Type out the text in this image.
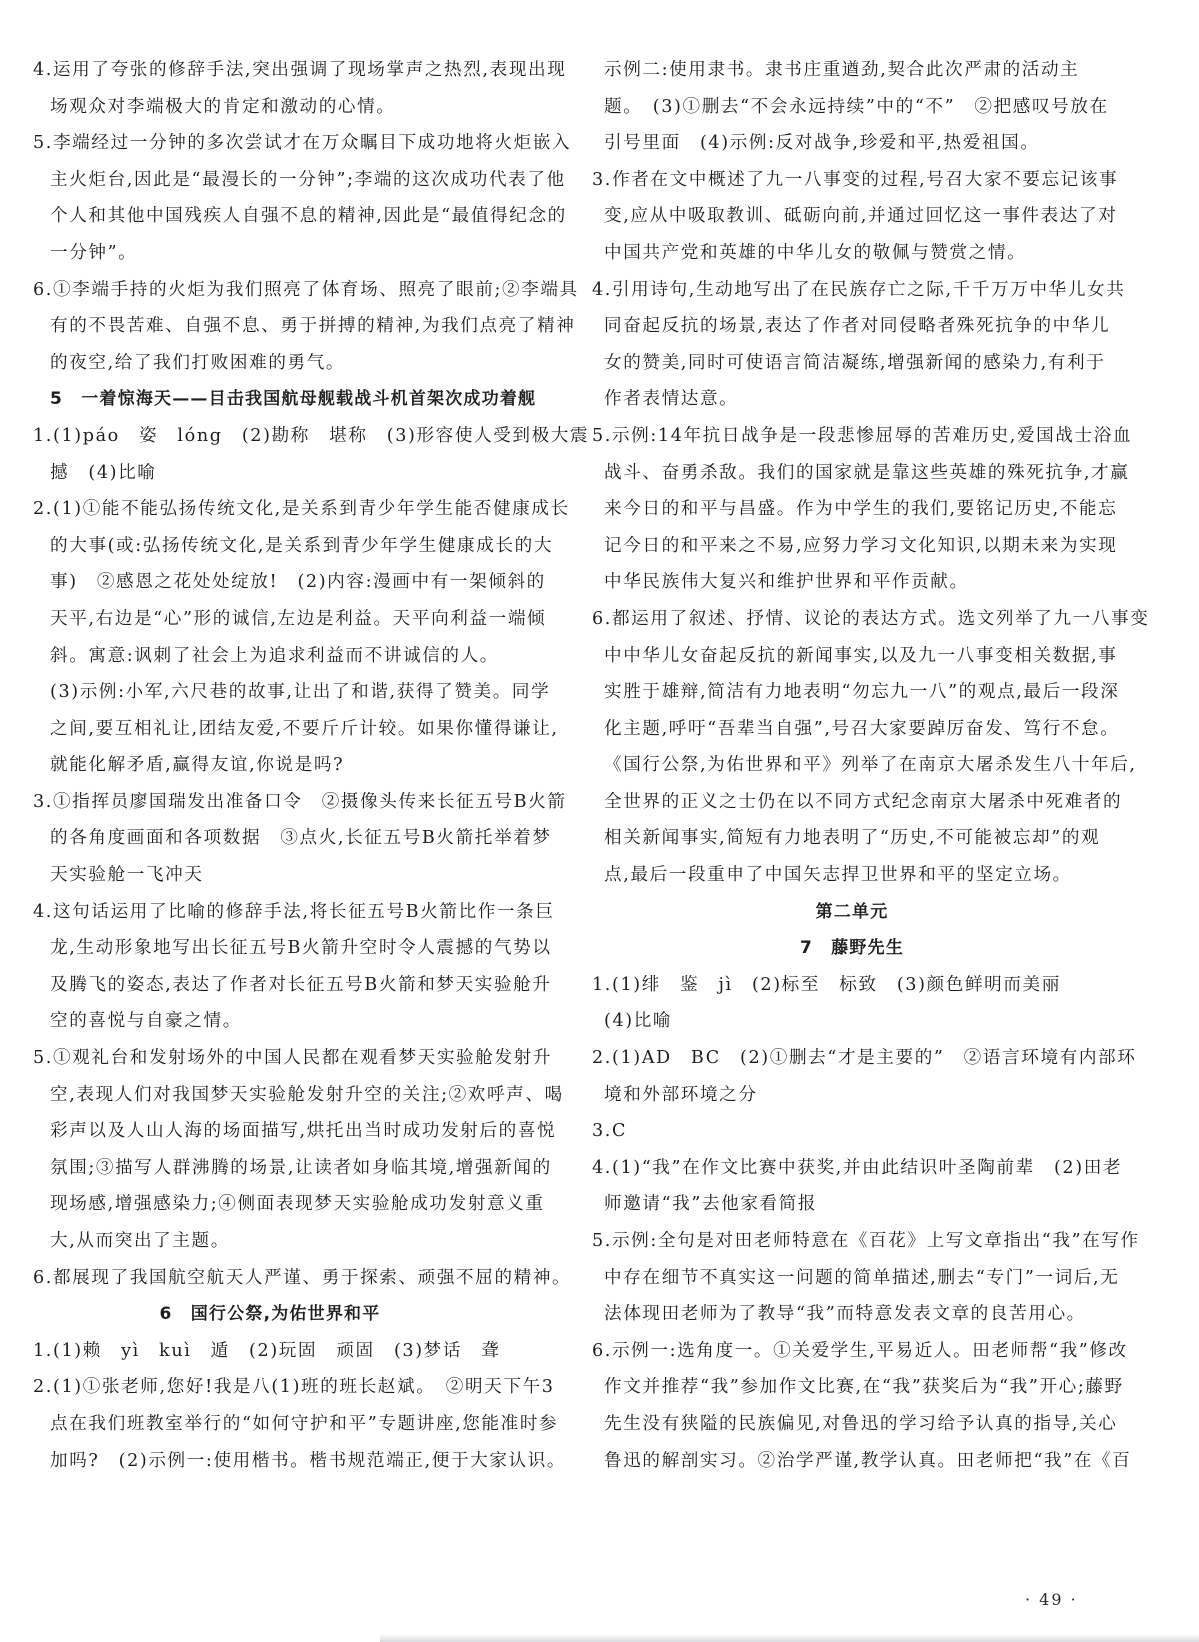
4.运用了夸张的修辞手法,突出强调了现场掌声之热烈,表现出现
场观众对李端极大的肯定和激动的心情。
5.李端经过一分钟的多次尝试才在万众瞩目下成功地将火炬嵌入
主火炬台,因此是“最漫长的一分钟”;李端的这次成功代表了他
个人和其他中国残疾人自强不息的精神,因此是“最值得纪念的
一分钟”。
6.①李端手持的火炬为我们照亮了体育场、照亮了眼前;②李端具
有的不畏苦难、自强不息、勇于拼搏的精神,为我们点亮了精神
的夜空,给了我们打败困难的勇气。
5　一着惊海天——目击我国航母舰载战斗机首架次成功着舰
1.(1)páo　姿　lóng　(2)勘称　堪称　(3)形容使人受到极大震
撼　(4)比喻
2.(1)①能不能弘扬传统文化,是关系到青少年学生能否健康成长
的大事(或:弘扬传统文化,是关系到青少年学生健康成长的大
事)　②感恩之花处处绽放!　(2)内容:漫画中有一架倾斜的
天平,右边是“心”形的诚信,左边是利益。天平向利益一端倾
斜。寓意:讽刺了社会上为追求利益而不讲诚信的人。
(3)示例:小军,六尺巷的故事,让出了和谐,获得了赞美。同学
之间,要互相礼让,团结友爱,不要斤斤计较。如果你懂得谦让,
就能化解矛盾,赢得友谊,你说是吗?
3.①指挥员廖国瑞发出准备口令　②摄像头传来长征五号B火箭
的各角度画面和各项数据　③点火,长征五号B火箭托举着梦
天实验舱一飞冲天
4.这句话运用了比喻的修辞手法,将长征五号B火箭比作一条巨
龙,生动形象地写出长征五号B火箭升空时令人震撼的气势以
及腾飞的姿态,表达了作者对长征五号B火箭和梦天实验舱升
空的喜悦与自豪之情。
5.①观礼台和发射场外的中国人民都在观看梦天实验舱发射升
空,表现人们对我国梦天实验舱发射升空的关注;②欢呼声、喝
彩声以及人山人海的场面描写,烘托出当时成功发射后的喜悦
氛围;③描写人群沸腾的场景,让读者如身临其境,增强新闻的
现场感,增强感染力;④侧面表现梦天实验舱成功发射意义重
大,从而突出了主题。
6.都展现了我国航空航天人严谨、勇于探索、顽强不屈的精神。
6　国行公祭,为佑世界和平
1.(1)赖　yì　kuì　遁　(2)玩固　顽固　(3)梦话　聋
2.(1)①张老师,您好!我是八(1)班的班长赵斌。　②明天下午3
点在我们班教室举行的“如何守护和平”专题讲座,您能准时参
加吗?　(2)示例一:使用楷书。楷书规范端正,便于大家认识。
示例二:使用隶书。隶书庄重遒劲,契合此次严肃的活动主
题。　(3)①删去“不会永远持续”中的“不”　②把感叹号放在
引号里面　(4)示例:反对战争,珍爱和平,热爱祖国。
3.作者在文中概述了九一八事变的过程,号召大家不要忘记该事
变,应从中吸取教训、砥砺向前,并通过回忆这一事件表达了对
中国共产党和英雄的中华儿女的敬佩与赞赏之情。
4.引用诗句,生动地写出了在民族存亡之际,千千万万中华儿女共
同奋起反抗的场景,表达了作者对同侵略者殊死抗争的中华儿
女的赞美,同时可使语言简洁凝练,增强新闻的感染力,有利于
作者表情达意。
5.示例:14年抗日战争是一段悲惨屈辱的苦难历史,爱国战士浴血
战斗、奋勇杀敌。我们的国家就是靠这些英雄的殊死抗争,才赢
来今日的和平与昌盛。作为中学生的我们,要铭记历史,不能忘
记今日的和平来之不易,应努力学习文化知识,以期未来为实现
中华民族伟大复兴和维护世界和平作贡献。
6.都运用了叙述、抒情、议论的表达方式。选文列举了九一八事变
中中华儿女奋起反抗的新闻事实,以及九一八事变相关数据,事
实胜于雄辩,简洁有力地表明“勿忘九一八”的观点,最后一段深
化主题,呼吁“吾辈当自强”,号召大家要踔厉奋发、笃行不怠。
《国行公祭,为佑世界和平》列举了在南京大屠杀发生八十年后,
全世界的正义之士仍在以不同方式纪念南京大屠杀中死难者的
相关新闻事实,简短有力地表明了“历史,不可能被忘却”的观
点,最后一段重申了中国矢志捍卫世界和平的坚定立场。
第二单元
7　藤野先生
1.(1)绯　鉴　jì　(2)标至　标致　(3)颜色鲜明而美丽
(4)比喻
2.(1)AD　BC　(2)①删去“才是主要的”　②语言环境有内部环
境和外部环境之分
3.C
4.(1)“我”在作文比赛中获奖,并由此结识叶圣陶前辈　(2)田老
师邀请“我”去他家看简报
5.示例:全句是对田老师特意在《百花》上写文章指出“我”在写作
中存在细节不真实这一问题的简单描述,删去“专门”一词后,无
法体现田老师为了教导“我”而特意发表文章的良苦用心。
6.示例一:选角度一。①关爱学生,平易近人。田老师帮“我”修改
作文并推荐“我”参加作文比赛,在“我”获奖后为“我”开心;藤野
先生没有狭隘的民族偏见,对鲁迅的学习给予认真的指导,关心
鲁迅的解剖实习。②治学严谨,教学认真。田老师把“我”在《百
· 49 ·
